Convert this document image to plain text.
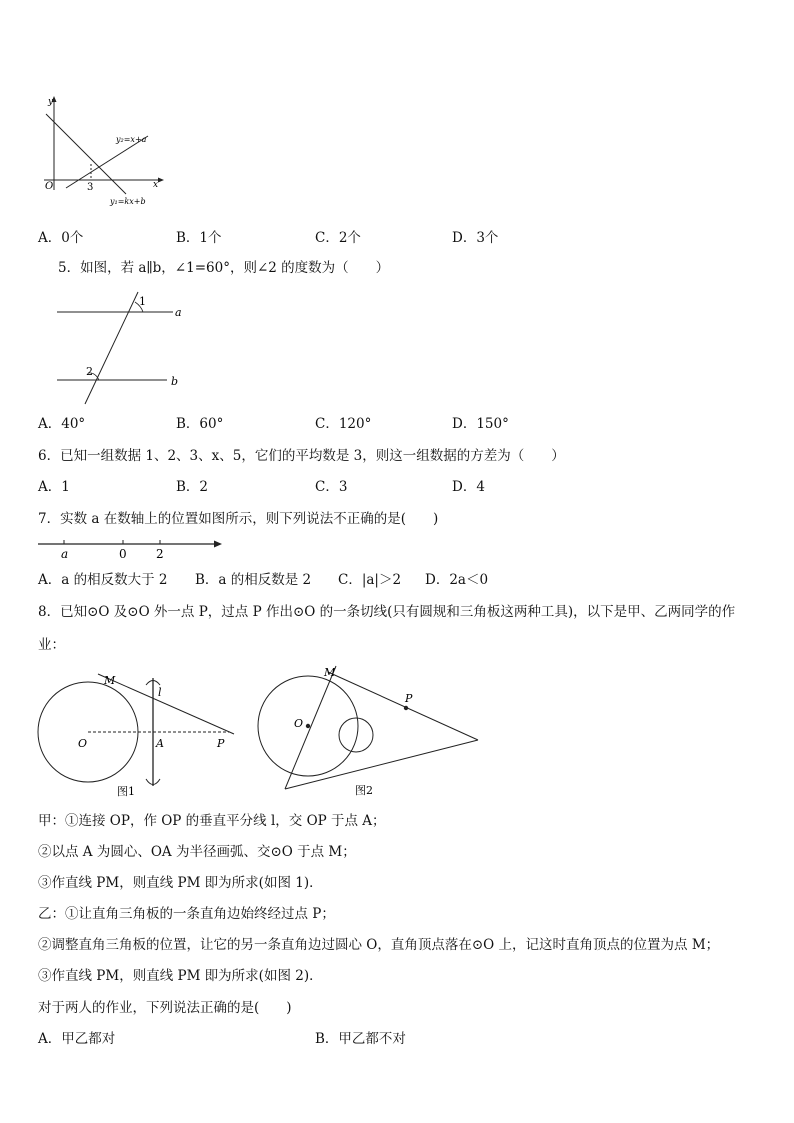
y
x
O	3
y₂=x+a
y₁=kx+b
A．0个	B．1个	C．2个	D．3个
5．如图，若 a∥b，∠1=60°，则∠2 的度数为（　　）
1
2
a
b
A．40°	B．60°	C．120°	D．150°
6．已知一组数据 1、2、3、x、5，它们的平均数是 3，则这一组数据的方差为（　　）
A．1	B．2	C．3	D．4
7．实数 a 在数轴上的位置如图所示，则下列说法不正确的是(　　)
a	0 2
A．a 的相反数大于 2 B．a 的相反数是 2 C．|a|＞2 D．2a＜0
8．已知⊙O 及⊙O 外一点 P，过点 P 作出⊙O 的一条切线(只有圆规和三角板这两种工具)，以下是甲、乙两同学的作
业：
M
l
O	A	P
图1
M
P
O
图2
甲：①连接 OP，作 OP 的垂直平分线 l，交 OP 于点 A；
②以点 A 为圆心、OA 为半径画弧、交⊙O 于点 M；
③作直线 PM，则直线 PM 即为所求(如图 1)．
乙：①让直角三角板的一条直角边始终经过点 P；
②调整直角三角板的位置，让它的另一条直角边过圆心 O，直角顶点落在⊙O 上，记这时直角顶点的位置为点 M；
③作直线 PM，则直线 PM 即为所求(如图 2)．
对于两人的作业，下列说法正确的是(　　)
A．甲乙都对	B．甲乙都不对
